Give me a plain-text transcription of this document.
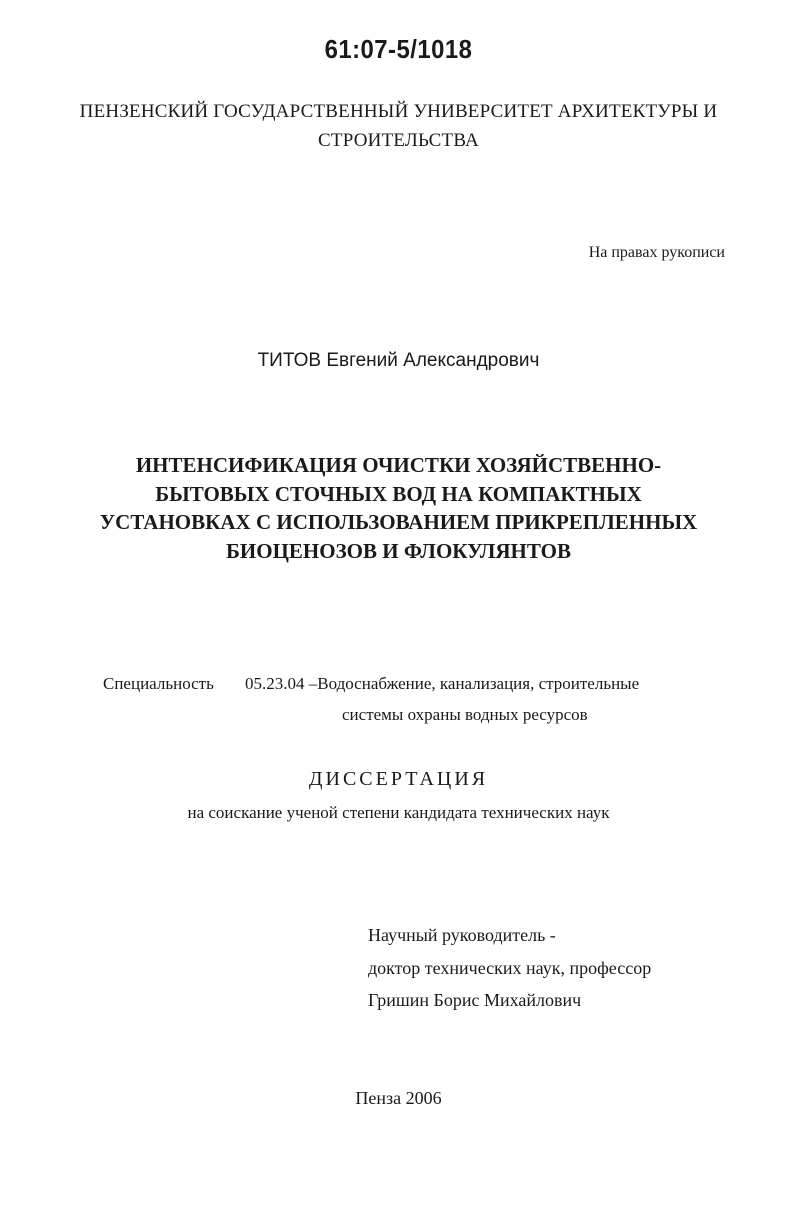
61:07-5/1018
ПЕНЗЕНСКИЙ ГОСУДАРСТВЕННЫЙ УНИВЕРСИТЕТ АРХИТЕКТУРЫ И
СТРОИТЕЛЬСТВА
На правах рукописи
ТИТОВ Евгений Александрович
ИНТЕНСИФИКАЦИЯ ОЧИСТКИ ХОЗЯЙСТВЕННО-
БЫТОВЫХ СТОЧНЫХ ВОД НА КОМПАКТНЫХ
УСТАНОВКАХ С ИСПОЛЬЗОВАНИЕМ ПРИКРЕПЛЕННЫХ
БИОЦЕНОЗОВ И ФЛОКУЛЯНТОВ
Специальность 05.23.04 –Водоснабжение, канализация, строительные
системы охраны водных ресурсов
ДИССЕРТАЦИЯ
на соискание ученой степени кандидата технических наук
Научный руководитель -
доктор технических наук, профессор
Гришин Борис Михайлович
Пенза 2006
